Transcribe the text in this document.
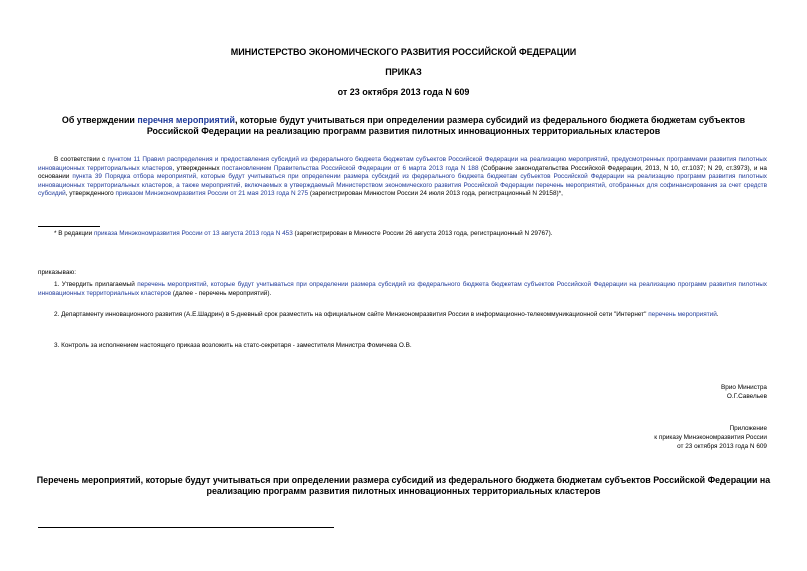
МИНИСТЕРСТВО ЭКОНОМИЧЕСКОГО РАЗВИТИЯ РОССИЙСКОЙ ФЕДЕРАЦИИ
ПРИКАЗ
от 23 октября 2013 года N 609
Об утверждении перечня мероприятий, которые будут учитываться при определении размера субсидий из федерального бюджета бюджетам субъектов Российской Федерации на реализацию программ развития пилотных инновационных территориальных кластеров
В соответствии с пунктом 11 Правил распределения и предоставления субсидий из федерального бюджета бюджетам субъектов Российской Федерации на реализацию мероприятий, предусмотренных программами развития пилотных инновационных территориальных кластеров, утвержденных постановлением Правительства Российской Федерации от 6 марта 2013 года N 188 (Собрание законодательства Российской Федерации, 2013, N 10, ст.1037; N 29, ст.3973), и на основании пункта 39 Порядка отбора мероприятий, которые будут учитываться при определении размера субсидий из федерального бюджета бюджетам субъектов Российской Федерации на реализацию программ развития пилотных инновационных территориальных кластеров, а также мероприятий, включаемых в утверждаемый Министерством экономического развития Российской Федерации перечень мероприятий, отобранных для софинансирования за счет средств субсидий, утвержденного приказом Минэкономразвития России от 21 мая 2013 года N 275 (зарегистрирован Минюстом России 24 июля 2013 года, регистрационный N 29158)*,
* В редакции приказа Минэкономразвития России от 13 августа 2013 года N 453 (зарегистрирован в Минюсте России 26 августа 2013 года, регистрационный N 29767).
приказываю:
1. Утвердить прилагаемый перечень мероприятий, которые будут учитываться при определении размера субсидий из федерального бюджета бюджетам субъектов Российской Федерации на реализацию программ развития пилотных инновационных территориальных кластеров (далее - перечень мероприятий).
2. Департаменту инновационного развития (А.Е.Шадрин) в 5-дневный срок разместить на официальном сайте Минэкономразвития России в информационно-телекоммуникационной сети "Интернет" перечень мероприятий.
3. Контроль за исполнением настоящего приказа возложить на статс-секретаря - заместителя Министра Фомичева О.В.
Врио Министра
О.Г.Савельев
Приложение
к приказу Минэкономразвития России
от 23 октября 2013 года N 609
Перечень мероприятий, которые будут учитываться при определении размера субсидий из федерального бюджета бюджетам субъектов Российской Федерации на реализацию программ развития пилотных инновационных территориальных кластеров
